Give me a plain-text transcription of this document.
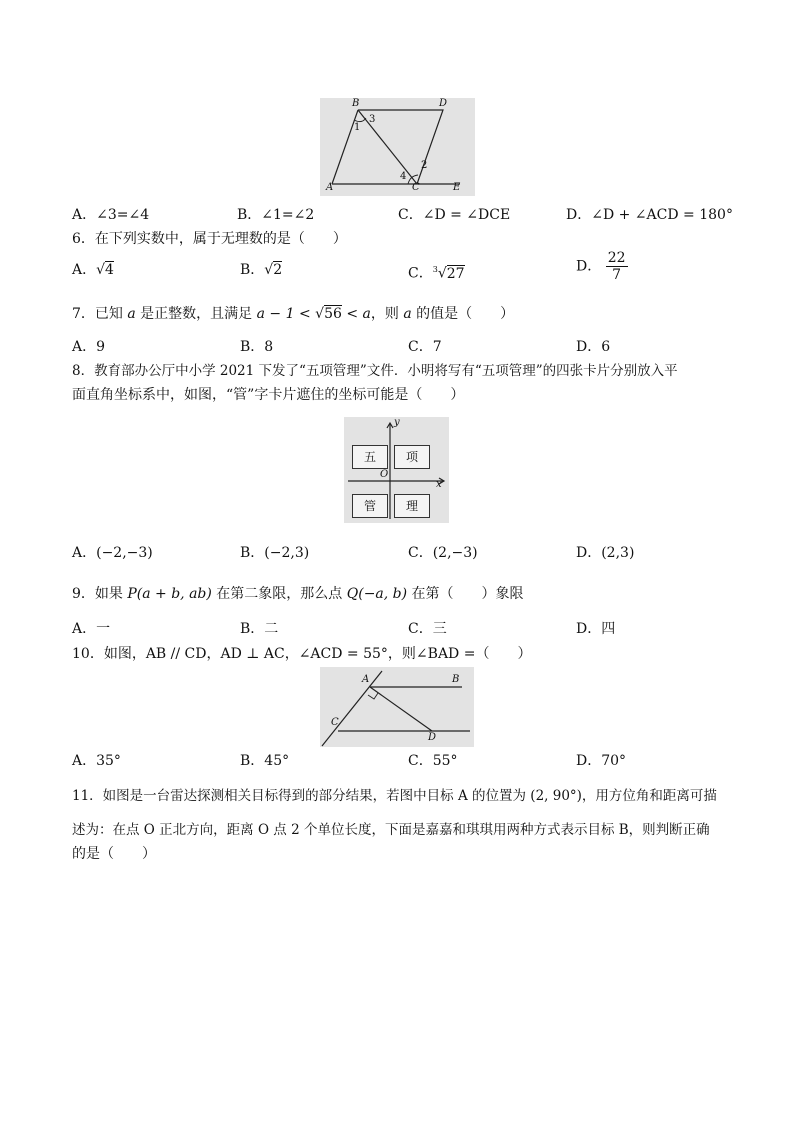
B	D
A	C	E
1
3
2
4
A．∠3=∠4	B．∠1=∠2	C．∠D = ∠DCE	D．∠D + ∠ACD = 180°
6．在下列实数中，属于无理数的是（　　）
A．√4	B．√2	C．$^3$√27	D． $\frac{22}{7}$
7．已知 a 是正整数，且满足 a − 1 < √56 < a，则 a 的值是（　　）
A．9	B．8	C．7	D．6
8．教育部办公厅中小学 2021 下发了“五项管理”文件．小明将写有“五项管理”的四张卡片分别放入平
面直角坐标系中，如图，“管”字卡片遮住的坐标可能是（　　）
y
x
O
五	项
管	理
A．(−2,−3)	B．(−2,3)	C．(2,−3)	D．(2,3)
9．如果 P(a + b, ab) 在第二象限，那么点 Q(−a, b) 在第（　　）象限
A．一	B．二	C．三	D．四
10．如图，AB // CD，AD ⊥ AC，∠ACD = 55°，则∠BAD =（　　）
A	B
C
D
A．35°	B．45°	C．55°	D．70°
11．如图是一台雷达探测相关目标得到的部分结果，若图中目标 A 的位置为 (2, 90°)，用方位角和距离可描
述为：在点 O 正北方向，距离 O 点 2 个单位长度，下面是嘉嘉和琪琪用两种方式表示目标 B，则判断正确
的是（　　）
